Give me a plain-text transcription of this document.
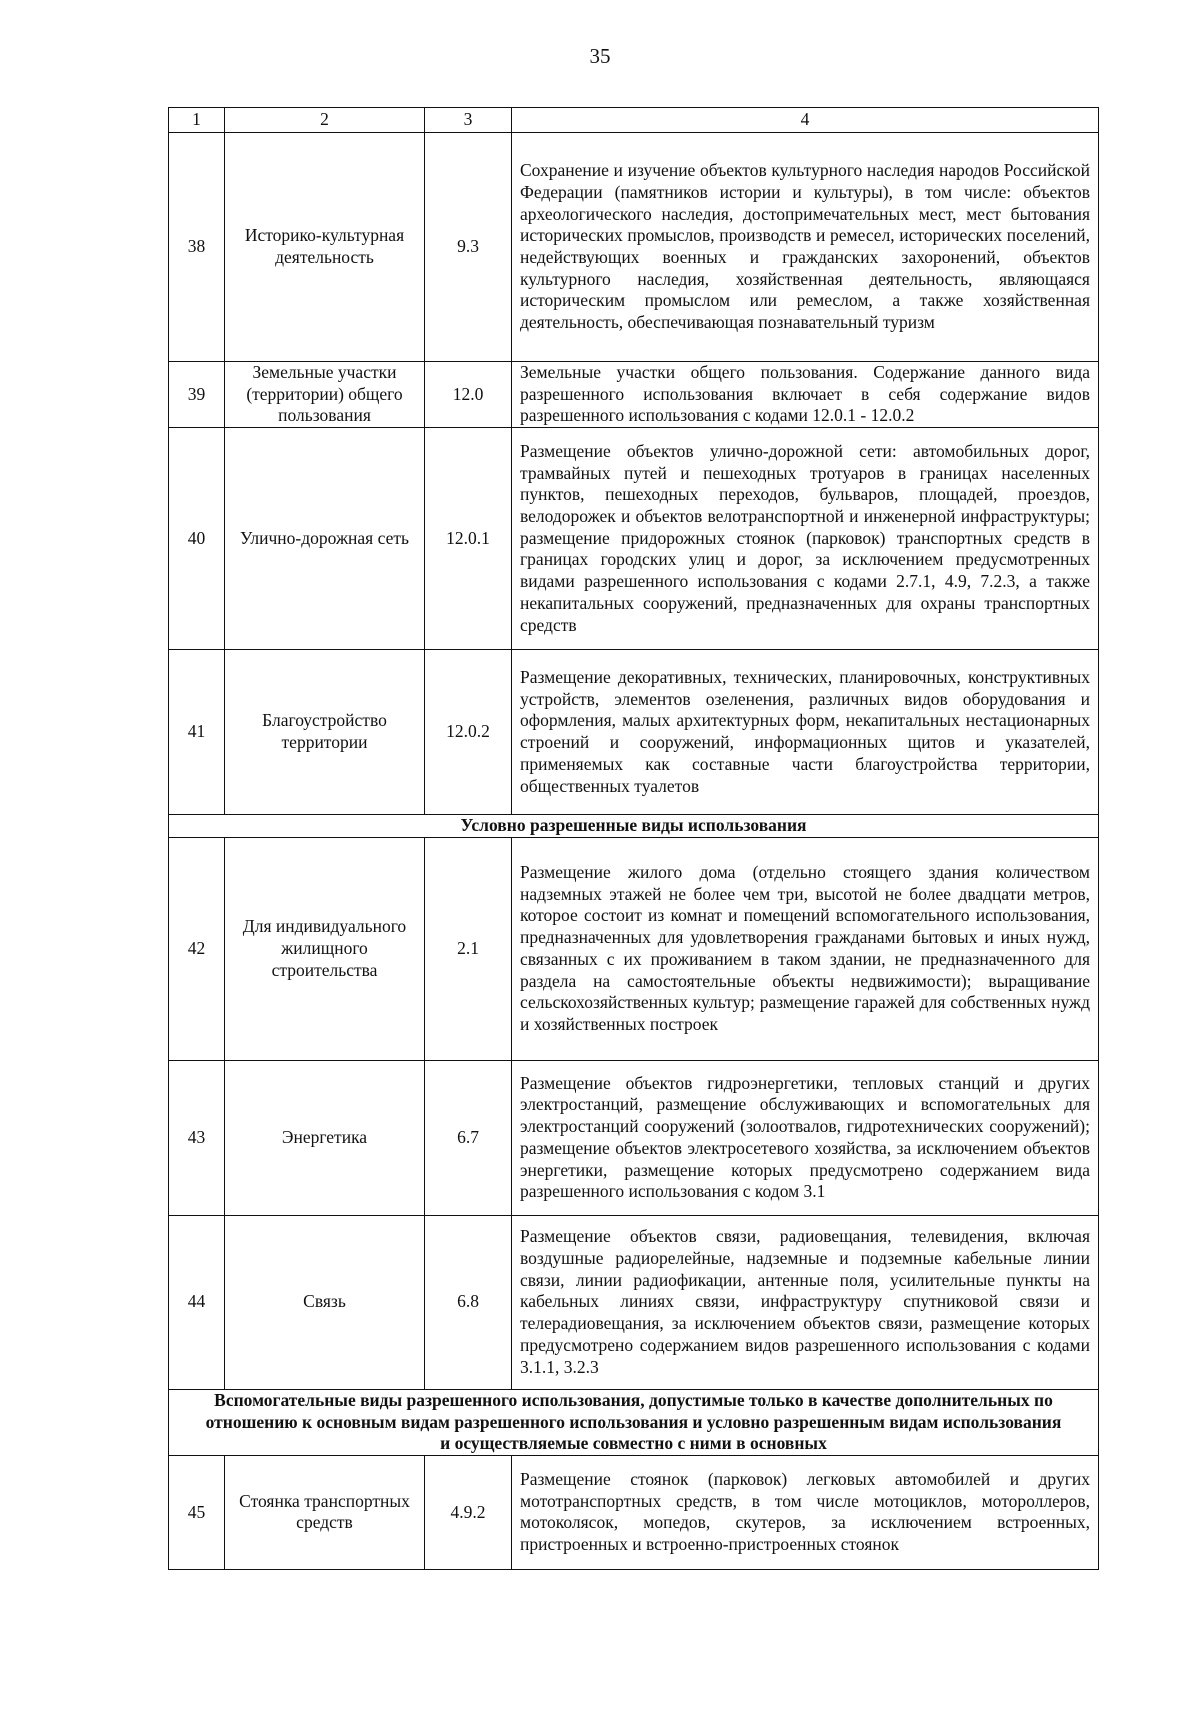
35
1	2	3	4
38	Историко-культурная деятельность	9.3	Сохранение и изучение объектов культурного наследия народов Российской Федерации (памятников истории и культуры), в том числе: объектов археологического наследия, достопримечательных мест, мест бытования исторических промыслов, производств и ремесел, исторических поселений, недействующих военных и гражданских захоронений, объектов культурного наследия, хозяйственная деятельность, являющаяся историческим промыслом или ремеслом, а также хозяйственная деятельность, обеспечивающая познавательный туризм
39	Земельные участки (территории) общего пользования	12.0	Земельные участки общего пользования. Содержание данного вида разрешенного использования включает в себя содержание видов разрешенного использования с кодами 12.0.1 - 12.0.2
40	Улично-дорожная сеть	12.0.1	Размещение объектов улично-дорожной сети: автомобильных дорог, трамвайных путей и пешеходных тротуаров в границах населенных пунктов, пешеходных переходов, бульваров, площадей, проездов, велодорожек и объектов велотранспортной и инженерной инфраструктуры; размещение придорожных стоянок (парковок) транспортных средств в границах городских улиц и дорог, за исключением предусмотренных видами разрешенного использования с кодами 2.7.1, 4.9, 7.2.3, а также некапитальных сооружений, предназначенных для охраны транспортных средств
41	Благоустройство территории	12.0.2	Размещение декоративных, технических, планировочных, конструктивных устройств, элементов озеленения, различных видов оборудования и оформления, малых архитектурных форм, некапитальных нестационарных строений и сооружений, информационных щитов и указателей, применяемых как составные части благоустройства территории, общественных туалетов
Условно разрешенные виды использования			
42	Для индивидуального жилищного строительства	2.1	Размещение жилого дома (отдельно стоящего здания количеством надземных этажей не более чем три, высотой не более двадцати метров, которое состоит из комнат и помещений вспомогательного использования, предназначенных для удовлетворения гражданами бытовых и иных нужд, связанных с их проживанием в таком здании, не предназначенного для раздела на самостоятельные объекты недвижимости); выращивание сельскохозяйственных культур; размещение гаражей для собственных нужд и хозяйственных построек
43	Энергетика	6.7	Размещение объектов гидроэнергетики, тепловых станций и других электростанций, размещение обслуживающих и вспомогательных для электростанций сооружений (золоотвалов, гидротехнических сооружений); размещение объектов электросетевого хозяйства, за исключением объектов энергетики, размещение которых предусмотрено содержанием вида разрешенного использования с кодом 3.1
44	Связь	6.8	Размещение объектов связи, радиовещания, телевидения, включая воздушные радиорелейные, надземные и подземные кабельные линии связи, линии радиофикации, антенные поля, усилительные пункты на кабельных линиях связи, инфраструктуру спутниковой связи и телерадиовещания, за исключением объектов связи, размещение которых предусмотрено содержанием видов разрешенного использования с кодами 3.1.1, 3.2.3
Вспомогательные виды разрешенного использования, допустимые только в качестве дополнительных по отношению к основным видам разрешенного использования и условно разрешенным видам использования и осуществляемые совместно с ними в основных			
45	Стоянка транспортных средств	4.9.2	Размещение стоянок (парковок) легковых автомобилей и других мототранспортных средств, в том числе мотоциклов, мотороллеров, мотоколясок, мопедов, скутеров, за исключением встроенных, пристроенных и встроенно-пристроенных стоянок
